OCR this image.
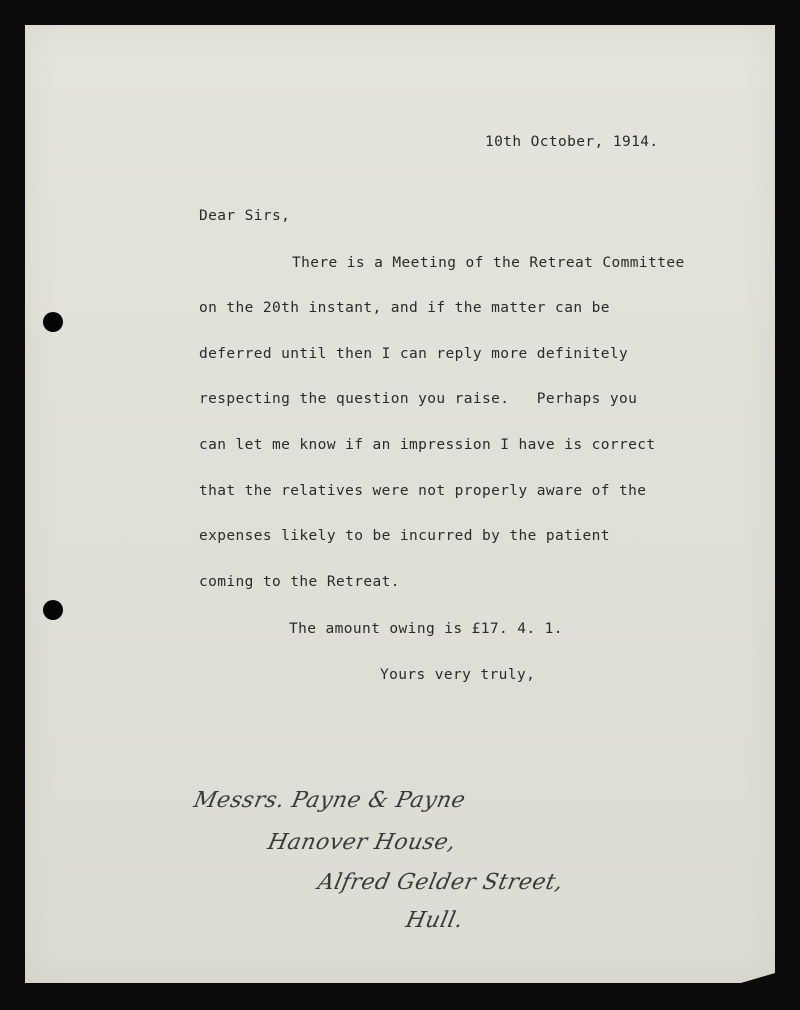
10th October, 1914.

Dear Sirs,

There is a Meeting of the Retreat Committee

on the 20th instant, and if the matter can be

deferred until then I can reply more definitely

respecting the question you raise.   Perhaps you

can let me know if an impression I have is correct

that the relatives were not properly aware of the

expenses likely to be incurred by the patient

coming to the Retreat.

The amount owing is £17. 4. 1.

Yours very truly,

Messrs. Payne & Payne

Hanover House,

Alfred Gelder Street,

Hull.
